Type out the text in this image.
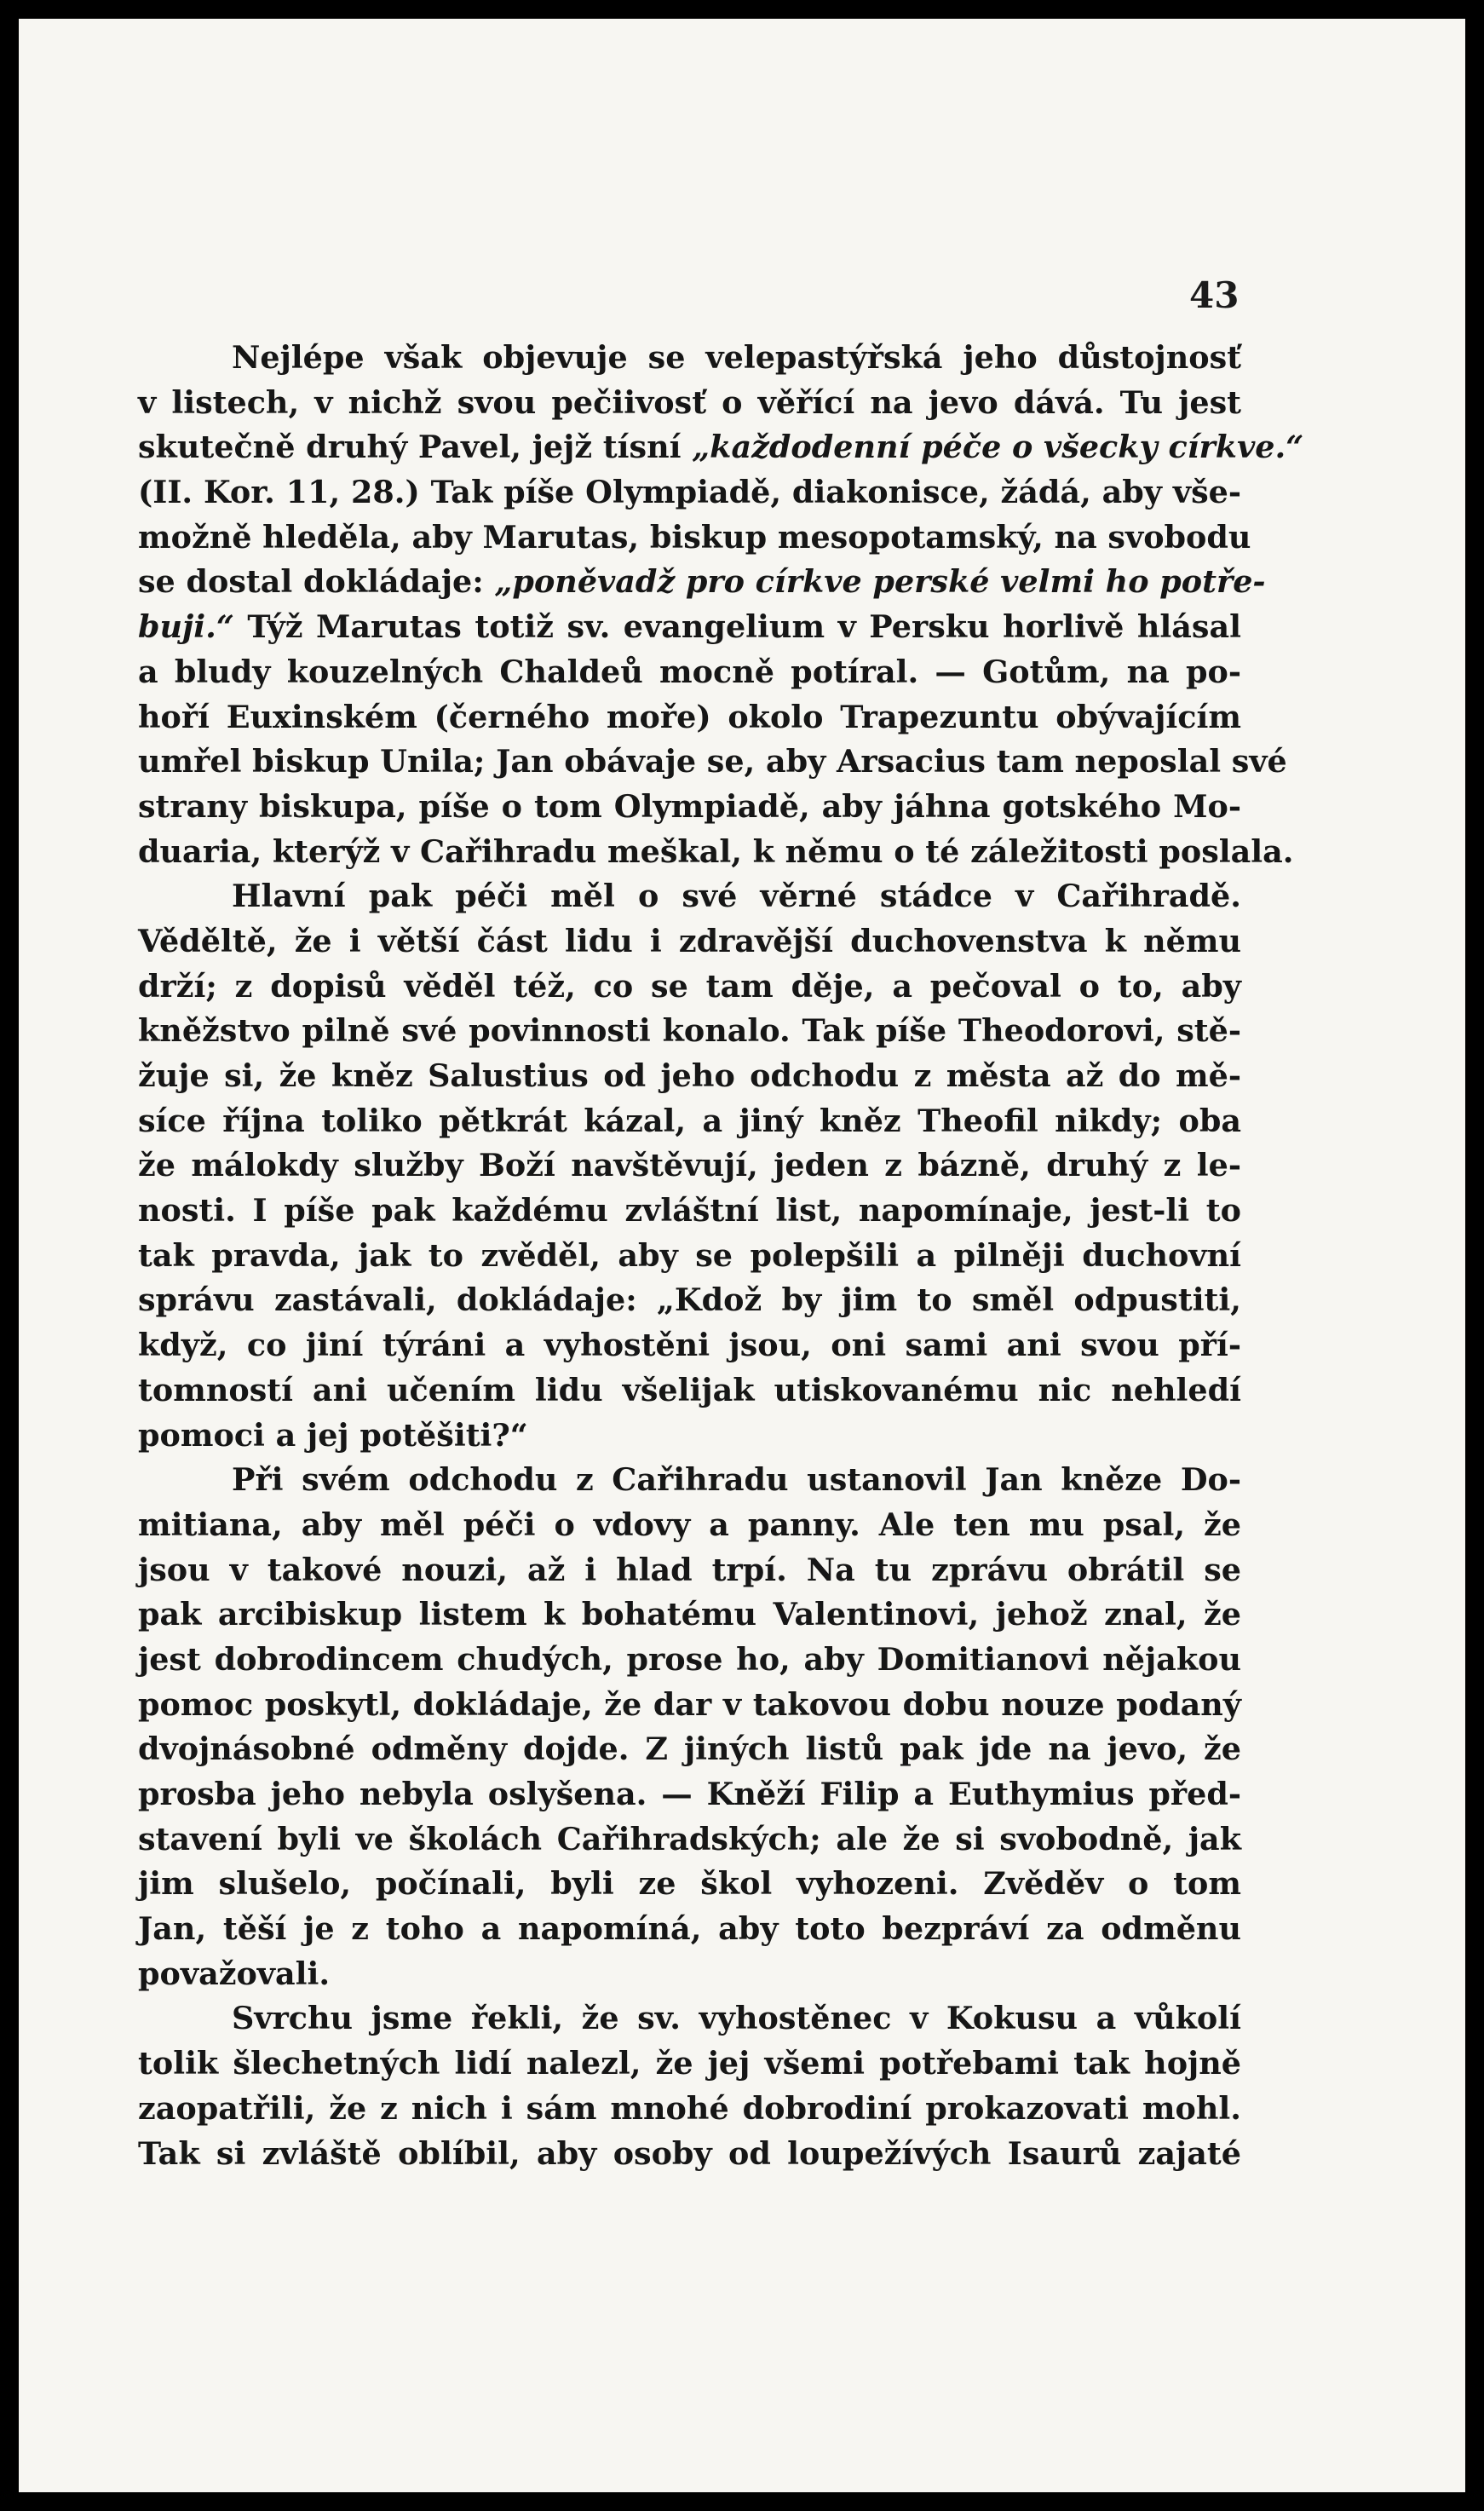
43
Nejlépe však objevuje se velepastýřská jeho důstojnosť
v listech, v nichž svou pečiivosť o věřící na jevo dává. Tu jest
skutečně druhý Pavel, jejž tísní „každodenní péče o všecky církve.“
(II. Kor. 11, 28.) Tak píše Olympiadě, diakonisce, žádá, aby vše-
možně hleděla, aby Marutas, biskup mesopotamský, na svobodu
se dostal dokládaje: „poněvadž pro církve perské velmi ho potře-
buji.“ Týž Marutas totiž sv. evangelium v Persku horlivě hlásal
a bludy kouzelných Chaldeů mocně potíral. — Gotům, na po-
hoří Euxinském (černého moře) okolo Trapezuntu obývajícím
umřel biskup Unila; Jan obávaje se, aby Arsacius tam neposlal své
strany biskupa, píše o tom Olympiadě, aby jáhna gotského Mo-
duaria, kterýž v Cařihradu meškal, k němu o té záležitosti poslala.
Hlavní pak péči měl o své věrné stádce v Cařihradě.
Věděltě, že i větší část lidu i zdravější duchovenstva k němu
drží; z dopisů věděl též, co se tam děje, a pečoval o to, aby
kněžstvo pilně své povinnosti konalo. Tak píše Theodorovi, stě-
žuje si, že kněz Salustius od jeho odchodu z města až do mě-
síce října toliko pětkrát kázal, a jiný kněz Theofil nikdy; oba
že málokdy služby Boží navštěvují, jeden z bázně, druhý z le-
nosti. I píše pak každému zvláštní list, napomínaje, jest-li to
tak pravda, jak to zvěděl, aby se polepšili a pilněji duchovní
správu zastávali, dokládaje: „Kdož by jim to směl odpustiti,
když, co jiní týráni a vyhostěni jsou, oni sami ani svou pří-
tomností ani učením lidu všelijak utiskovanému nic nehledí
pomoci a jej potěšiti?“
Při svém odchodu z Cařihradu ustanovil Jan kněze Do-
mitiana, aby měl péči o vdovy a panny. Ale ten mu psal, že
jsou v takové nouzi, až i hlad trpí. Na tu zprávu obrátil se
pak arcibiskup listem k bohatému Valentinovi, jehož znal, že
jest dobrodincem chudých, prose ho, aby Domitianovi nějakou
pomoc poskytl, dokládaje, že dar v takovou dobu nouze podaný
dvojnásobné odměny dojde. Z jiných listů pak jde na jevo, že
prosba jeho nebyla oslyšena. — Kněží Filip a Euthymius před-
stavení byli ve školách Cařihradských; ale že si svobodně, jak
jim slušelo, počínali, byli ze škol vyhozeni. Zvěděv o tom
Jan, těší je z toho a napomíná, aby toto bezpráví za odměnu
považovali.
Svrchu jsme řekli, že sv. vyhostěnec v Kokusu a vůkolí
tolik šlechetných lidí nalezl, že jej všemi potřebami tak hojně
zaopatřili, že z nich i sám mnohé dobrodiní prokazovati mohl.
Tak si zvláště oblíbil, aby osoby od loupežívých Isaurů zajaté
